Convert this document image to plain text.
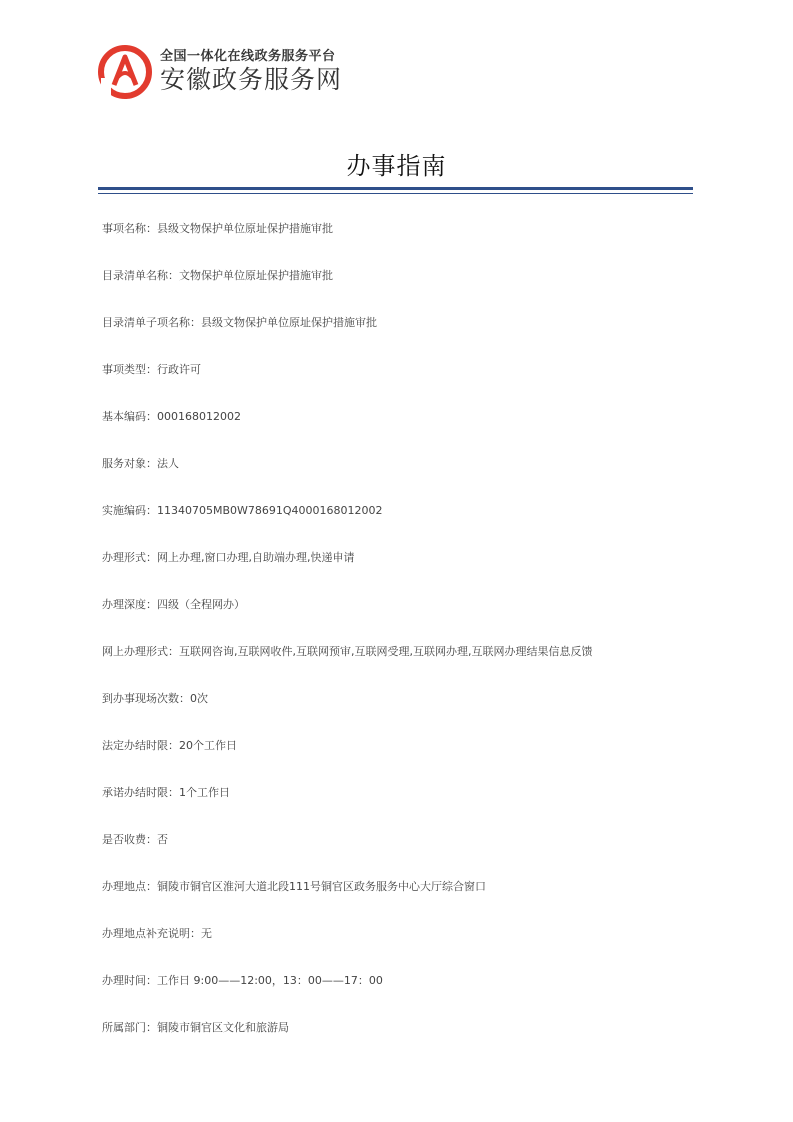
全国一体化在线政务服务平台
安徽政务服务网
办事指南
事项名称：县级文物保护单位原址保护措施审批
目录清单名称：文物保护单位原址保护措施审批
目录清单子项名称：县级文物保护单位原址保护措施审批
事项类型：行政许可
基本编码：000168012002
服务对象：法人
实施编码：11340705MB0W78691Q4000168012002
办理形式：网上办理,窗口办理,自助端办理,快递申请
办理深度：四级（全程网办）
网上办理形式：互联网咨询,互联网收件,互联网预审,互联网受理,互联网办理,互联网办理结果信息反馈
到办事现场次数：0次
法定办结时限：20个工作日
承诺办结时限：1个工作日
是否收费：否
办理地点：铜陵市铜官区淮河大道北段111号铜官区政务服务中心大厅综合窗口
办理地点补充说明：无
办理时间：工作日 9:00——12:00，13：00——17：00
所属部门：铜陵市铜官区文化和旅游局
